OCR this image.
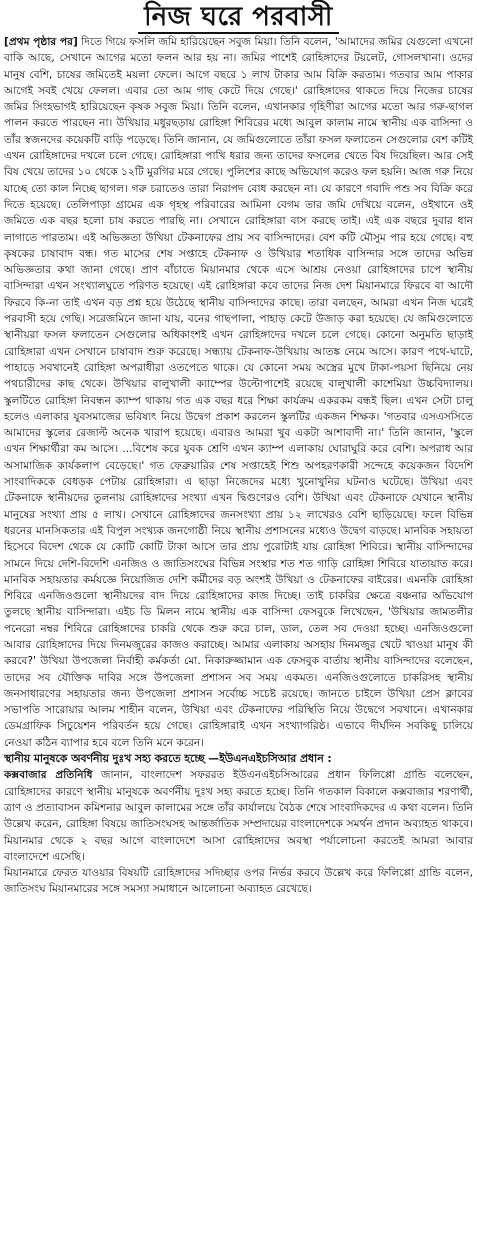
নিজ ঘরে পরবাসী

[প্রথম পৃষ্ঠার পর] দিতে গিয়ে ফসলি জমি হারিয়েছেন সবুজ মিয়া। তিনি বলেন, 'আমাদের জমির যেগুলো এখনো বাকি আছে, সেখানে আগের মতো ফলন আর হয় না। জমির পাশেই রোহিঙ্গাদের টয়লেট, গোসলখানা। ওদের মানুষ বেশি, চাষের জমিতেই ময়লা ফেলে। আগে বছরে ১ লাখ টাকার আম বিক্রি করতাম। গতবার আম পাকার আগেই সবই খেয়ে ফেলল। এবার তো আম গাছ কেটে দিয়ে গেছে।' রোহিঙ্গাদের থাকতে দিয়ে নিজের চাষের জমির সিংহভাগই হারিয়েছেন কৃষক সবুজ মিয়া। তিনি বলেন, এখানকার গৃহিণীরা আগের মতো আর গরু-ছাগল পালন করতে পারছেন না। উখিয়ার মধুরছড়ায় রোহিঙ্গা শিবিরের মধ্যে আবুল কালাম নামে স্থানীয় এক বাসিন্দা ও তাঁর স্বজনদের কয়েকটি বাড়ি পড়েছে। তিনি জানান, যে জমিগুলোতে তাঁরা ফসল ফলাতেন সেগুলোর বেশ কটিই এখন রোহিঙ্গাদের দখলে চলে গেছে। রোহিঙ্গারা পাখি ধরার জন্য তাদের ফসলের খেতে বিষ দিয়েছিল। আর সেই বিষ খেয়ে তাদের ১০ থেকে ১২টি মুরগির মরে গেছে। পুলিশের কাছে অভিযোগ করেও ফল হয়নি। আজ গরু নিয়ে যাচ্ছে তো কাল নিচ্ছে ছাগল। গরু চরাতেও তারা নিরাপদ বোধ করছেন না। যে কারণে গবাদি পশু সব বিক্রি করে দিতে হয়েছে। তেলিপাড়া গ্রামের এক গৃহস্থ পরিবারের আমিনা বেগম তার জমি দেখিয়ে বলেন, ওইখানে ওই জমিতে এক বছর হলো চাষ করতে পারছি না। সেখানে রোহিঙ্গারা বাস করছে তাই। এই এক বছরে দুবার ধান লাগাতে পারতাম। এই অভিজ্ঞতা উখিয়া টেকনাফের প্রায় সব বাসিন্দাদের। বেশ কটি মৌসুম পার হয়ে গেছে। বহু কৃষকের চাষাবাদ বন্ধ। গত মাসের শেষ সপ্তাহে টেকনাফ ও উখিয়ার শতাধিক বাসিন্দার সঙ্গে তাদের অভিন্ন অভিজ্ঞতার কথা জানা গেছে। প্রাণ বাঁচাতে মিয়ানমার থেকে এসে আশ্রয় নেওয়া রোহিঙ্গাদের চাপে স্থানীয় বাসিন্দারা এখন সংখ্যালঘুতে পরিণত হয়েছে। এই রোহিঙ্গারা কবে তাদের নিজ দেশ মিয়ানমারে ফিরবে বা আদৌ ফিরবে কি-না তাই এখন বড় প্রশ্ন হয়ে উঠেছে স্থানীয় বাসিন্দাদের কাছে। তারা বলছেন, আমরা এখন নিজ ঘরেই পরবাসী হয়ে গেছি। সরেজমিনে জানা যায়, বনের গাছপালা, পাহাড় কেটে উজাড় করা হয়েছে। যে জমিগুলোতে স্থানীয়রা ফসল ফলাতেন সেগুলোর অধিকাংশই এখন রোহিঙ্গাদের দখলে চলে গেছে। কোনো অনুমতি ছাড়াই রোহিঙ্গারা এখন সেখানে চাষাবাদ শুরু করেছে। সন্ধ্যায় টেকনাফ-উখিয়ায় আতঙ্ক নেমে আসে। কারণ পথে-ঘাটে, পাহাড়ে সবখানেই রোহিঙ্গা অপরাধীরা ওতপেতে থাকে। যে কোনো সময় অস্ত্রের মুখে টাকা-পয়সা ছিনিয়ে নেয় পথচারীদের কাছ থেকে। উখিয়ার বালুখালী ক্যাম্পের উল্টোপাশেই রয়েছে বালুখালী কাশেমিয়া উচ্চবিদ্যালয়। স্কুলটিতে রোহিঙ্গা নিবন্ধন ক্যাম্প থাকায় গত এক বছর ধরে শিক্ষা কার্যক্রম একরকম বন্ধই ছিল। এখন সেটা চালু হলেও এলাকার যুবসমাজের ভবিষ্যৎ নিয়ে উদ্বেগ প্রকাশ করলেন স্কুলটির একজন শিক্ষক। 'গতবার এসএসসিতে আমাদের স্কুলের রেজাল্ট অনেক খারাপ হয়েছে। এবারও আমরা খুব একটা আশাবাদী না।' তিনি জানান, 'স্কুলে এখন শিক্ষার্থীরা কম আসে। ...বিশেষ করে যুবক শ্রেণি এখন ক্যাম্প এলাকায় ঘোরাঘুরি করে বেশি। অপরাধ আর অসামাজিক কার্যকলাপ বেড়েছে।' গত ফেব্রুয়ারির শেষ সপ্তাহেই শিশু অপহরণকারী সন্দেহে কয়েকজন বিদেশি সাংবাদিককে বেধড়ক পেটায় রোহিঙ্গারা। এ ছাড়া নিজেদের মধ্যে খুনোখুনির ঘটনাও ঘটেছে। উখিয়া এবং টেকনাফে স্থানীয়দের তুলনায় রোহিঙ্গাদের সংখ্যা এখন দ্বিগুণেরও বেশি। উখিয়া এবং টেকনাফে যেখানে স্থানীয় মানুষের সংখ্যা প্রায় ৫ লাখ। সেখানে রোহিঙ্গাদের জনসংখ্যা প্রায় ১২ লাখেরও বেশি ছাড়িয়েছে। ফলে বিভিন্ন ধরনের মানসিকতার এই বিপুল সংখ্যক জনগোষ্ঠী নিয়ে স্থানীয় প্রশাসনের মধ্যেও উদ্বেগ বাড়ছে। মানবিক সহায়তা হিসেবে বিদেশ থেকে যে কোটি কোটি টাকা আসে তার প্রায় পুরোটাই যায় রোহিঙ্গা শিবিরে। স্থানীয় বাসিন্দাদের সামনে দিয়ে দেশি-বিদেশি এনজিও ও জাতিসংঘের বিভিন্ন সংস্থার শত শত গাড়ি রোহিঙ্গা শিবিরে যাতায়াত করে। মানবিক সহায়তার কর্মযজ্ঞে নিয়োজিত দেশি কর্মীদের বড় অংশই উখিয়া ও টেকনাফের বাইরের। এমনকি রোহিঙ্গা শিবিরে এনজিওগুলো স্থানীয়দের বাদ দিয়ে রোহিঙ্গাদের কাজ দিচ্ছে। তাই চাকরির ক্ষেত্রে বঞ্চনার অভিযোগ তুলছে স্থানীয় বাসিন্দারা। এইচ ডি মিলন নামে স্থানীয় এক বাসিন্দা ফেসবুকে লিখেছেন, 'উখিয়ার জামতলীর পনেরো নম্বর শিবিরে রোহিঙ্গাদের চাকরি থেকে শুরু করে চাল, ডাল, তেল সব দেওয়া হচ্ছে। এনজিওগুলো আবার রোহিঙ্গাদের দিয়ে দিনমজুরের কাজও করাচ্ছে। আমার এলাকায় অসহায় দিনমজুর খেটে খাওয়া মানুষ কী করবে?' উখিয়া উপজেলা নির্বাহী কর্মকর্তা মো. নিকারুজ্জামান এক ফেসবুক বার্তায় স্থানীয় বাসিন্দাদের বলেছেন, তাদের সব যৌক্তিক দাবির সঙ্গে উপজেলা প্রশাসন সব সময় একমত। এনজিওগুলোতে চাকরিসহ স্থানীয় জনসাধারণের সহায়তার জন্য উপজেলা প্রশাসন সর্বোচ্চ সচেষ্ট রয়েছে। জানতে চাইলে উখিয়া প্রেস ক্লাবের সভাপতি সারোয়ার আলম শাহীন বলেন, উখিয়া এবং টেকনাফের পরিস্থিতি নিয়ে উদ্বেগে সবখানে। এখানকার ডেমগ্রাফিক সিচুয়েশন পরিবর্তন হয়ে গেছে। রোহিঙ্গারাই এখন সংখ্যাগরিষ্ঠ। এভাবে দীর্ঘদিন সবকিছু চালিয়ে নেওয়া কঠিন ব্যাপার হবে বলে তিনি মনে করেন।

স্থানীয় মানুষকে অবর্ণনীয় দুঃখ সহ্য করতে হচ্ছে —ইউএনএইচসিআর প্রধান :

কক্সবাজার প্রতিনিধি জানান, বাংলাদেশ সফররত ইউএনএইচসিআরের প্রধান ফিলিপ্পো গ্রান্ডি বলেছেন, রোহিঙ্গাদের কারণে স্থানীয় মানুষকে অবর্ণনীয় দুঃখ সহ্য করতে হচ্ছে। তিনি গতকাল বিকালে কক্সবাজার শরণার্থী, ত্রাণ ও প্রত্যাবাসন কমিশনার আবুল কালামের সঙ্গে তাঁর কার্যালয়ে বৈঠক শেষে সাংবাদিকদের এ কথা বলেন। তিনি উল্লেখ করেন, রোহিঙ্গা বিষয়ে জাতিসংঘসহ আন্তর্জাতিক সম্প্রদায়ের বাংলাদেশকে সমর্থন প্রদান অব্যাহত থাকবে। মিয়ানমার থেকে ২ বছর আগে বাংলাদেশে আসা রোহিঙ্গাদের অবস্থা পর্যালোচনা করতেই আমরা আবার বাংলাদেশে এসেছি।

মিয়ানমারে ফেরত যাওয়ার বিষয়টি রোহিঙ্গাদের সদিচ্ছার ওপর নির্ভর করবে উল্লেখ করে ফিলিপ্পো গ্রান্ডি বলেন, জাতিসংঘ মিয়ানমারের সঙ্গে সমস্যা সমাধানে আলোচনা অব্যাহত রেখেছে।
